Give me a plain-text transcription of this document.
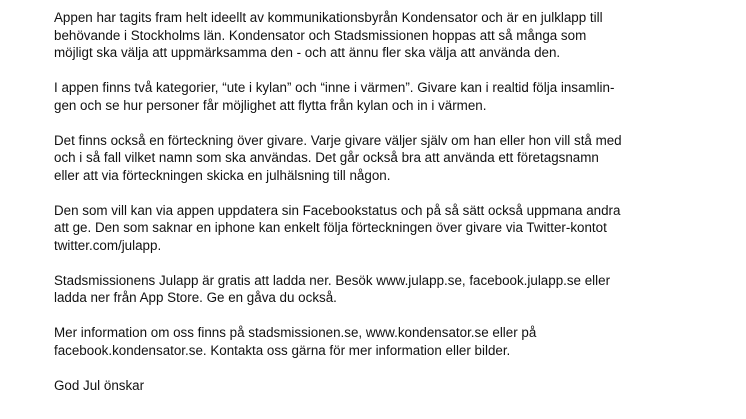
Appen har tagits fram helt ideellt av kommunikationsbyrån Kondensator och är en julklapp till
behövande i Stockholms län. Kondensator och Stadsmissionen hoppas att så många som
möjligt ska välja att uppmärksamma den - och att ännu fler ska välja att använda den.

I appen finns två kategorier, “ute i kylan” och “inne i värmen”. Givare kan i realtid följa insamlin-
gen och se hur personer får möjlighet att flytta från kylan och in i värmen.

Det finns också en förteckning över givare. Varje givare väljer själv om han eller hon vill stå med
och i så fall vilket namn som ska användas. Det går också bra att använda ett företagsnamn
eller att via förteckningen skicka en julhälsning till någon.

Den som vill kan via appen uppdatera sin Facebookstatus och på så sätt också uppmana andra
att ge. Den som saknar en iphone kan enkelt följa förteckningen över givare via Twitter-kontot
twitter.com/julapp.

Stadsmissionens Julapp är gratis att ladda ner. Besök www.julapp.se, facebook.julapp.se eller
ladda ner från App Store. Ge en gåva du också.

Mer information om oss finns på stadsmissionen.se, www.kondensator.se eller på
facebook.kondensator.se. Kontakta oss gärna för mer information eller bilder.

God Jul önskar
